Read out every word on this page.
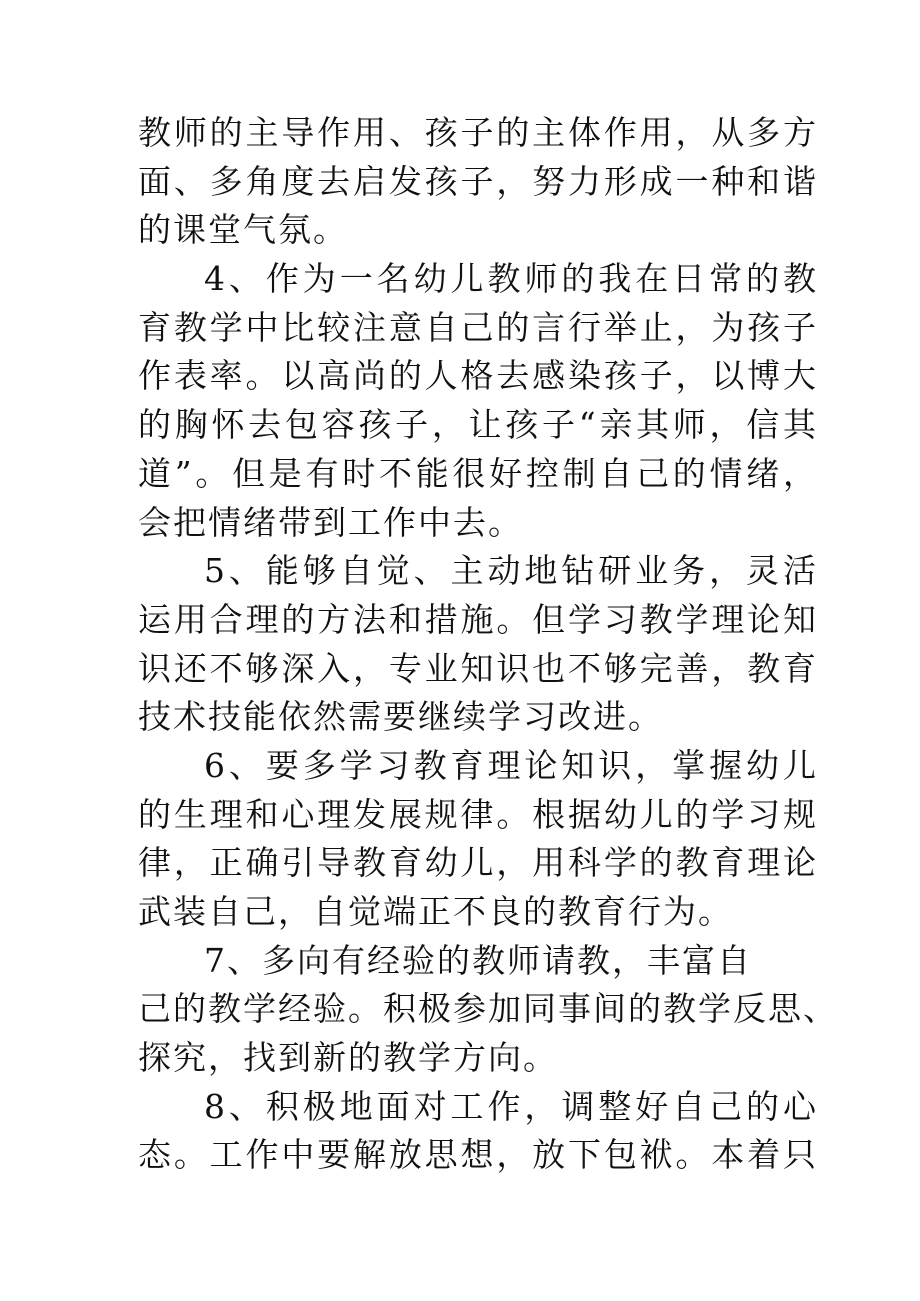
教师的主导作用、孩子的主体作用，从多方
面、多角度去启发孩子，努力形成一种和谐
的课堂气氛。
4、作为一名幼儿教师的我在日常的教
育教学中比较注意自己的言行举止，为孩子
作表率。以高尚的人格去感染孩子，以博大
的胸怀去包容孩子，让孩子“亲其师，信其
道”。但是有时不能很好控制自己的情绪，
会把情绪带到工作中去。
5、能够自觉、主动地钻研业务，灵活
运用合理的方法和措施。但学习教学理论知
识还不够深入，专业知识也不够完善，教育
技术技能依然需要继续学习改进。
6、要多学习教育理论知识，掌握幼儿
的生理和心理发展规律。根据幼儿的学习规
律，正确引导教育幼儿，用科学的教育理论
武装自己，自觉端正不良的教育行为。
7、多向有经验的教师请教，丰富自
己的教学经验。积极参加同事间的教学反思、
探究，找到新的教学方向。
8、积极地面对工作，调整好自己的心
态。工作中要解放思想，放下包袱。本着只
